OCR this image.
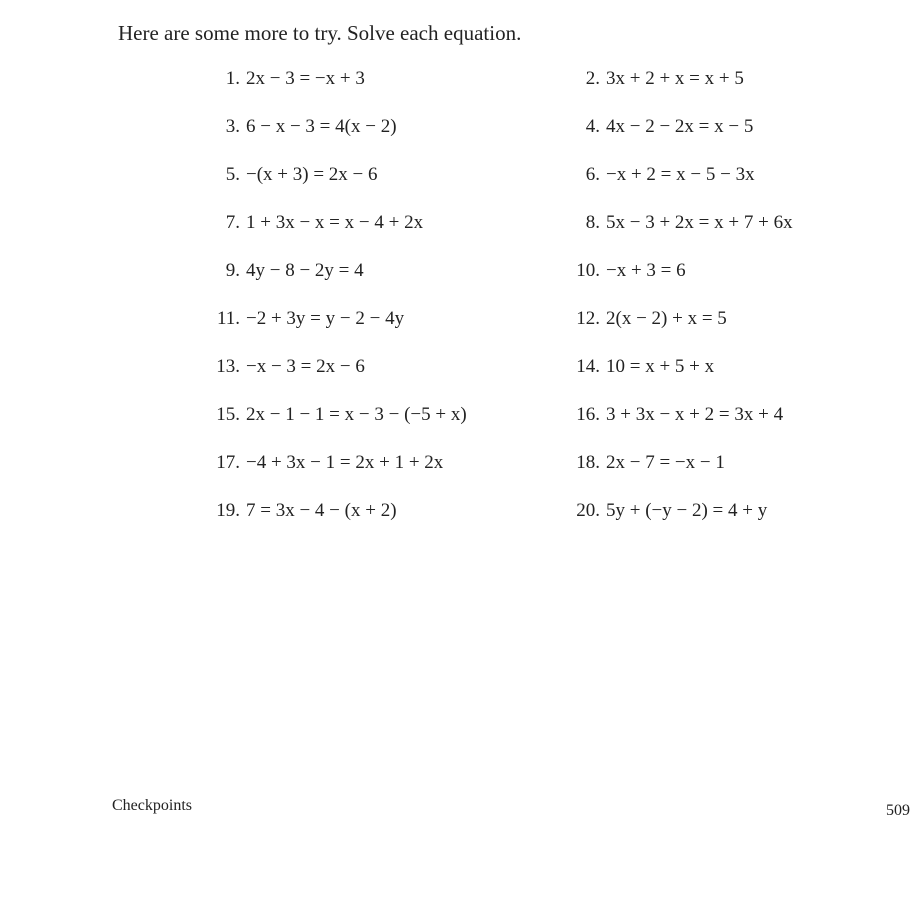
Here are some more to try. Solve each equation.
1. 2x − 3 = −x + 3	2. 3x + 2 + x = x + 5
3. 6 − x − 3 = 4(x − 2)	4. 4x − 2 − 2x = x − 5
5. −(x + 3) = 2x − 6	6. −x + 2 = x − 5 − 3x
7. 1 + 3x − x = x − 4 + 2x	8. 5x − 3 + 2x = x + 7 + 6x
9. 4y − 8 − 2y = 4	10. −x + 3 = 6
11. −2 + 3y = y − 2 − 4y	12. 2(x − 2) + x = 5
13. −x − 3 = 2x − 6	14. 10 = x + 5 + x
15. 2x − 1 − 1 = x − 3 − (−5 + x)	16. 3 + 3x − x + 2 = 3x + 4
17. −4 + 3x − 1 = 2x + 1 + 2x	18. 2x − 7 = −x − 1
19. 7 = 3x − 4 − (x + 2)	20. 5y + (−y − 2) = 4 + y
Checkpoints	509
